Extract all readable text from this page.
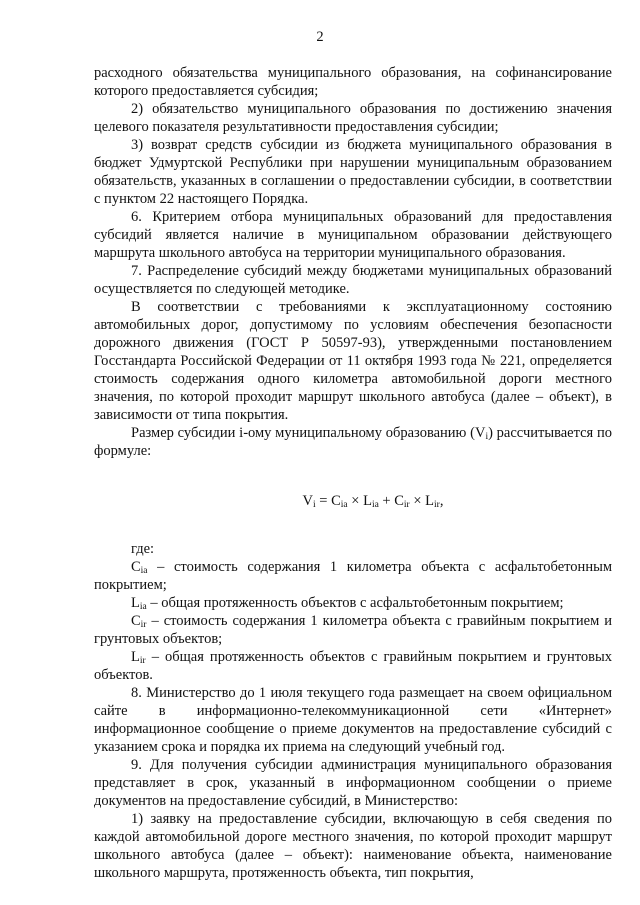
2

расходного обязательства муниципального образования, на софинансирование которого предоставляется субсидия;

2) обязательство муниципального образования по достижению значения целевого показателя результативности предоставления субсидии;

3) возврат средств субсидии из бюджета муниципального образования в бюджет Удмуртской Республики при нарушении муниципальным образованием обязательств, указанных в соглашении о предоставлении субсидии, в соответствии с пунктом 22 настоящего Порядка.

6. Критерием отбора муниципальных образований для предоставления субсидий является наличие в муниципальном образовании действующего маршрута школьного автобуса на территории муниципального образования.

7. Распределение субсидий между бюджетами муниципальных образований осуществляется по следующей методике.

В соответствии с требованиями к эксплуатационному состоянию автомобильных дорог, допустимому по условиям обеспечения безопасности дорожного движения (ГОСТ Р 50597-93), утвержденными постановлением Госстандарта Российской Федерации от 11 октября 1993 года № 221, определяется стоимость содержания одного километра автомобильной дороги местного значения, по которой проходит маршрут школьного автобуса (далее – объект), в зависимости от типа покрытия.

Размер субсидии i-ому муниципальному образованию $(V_i)$ рассчитывается по формуле:

$V_i = C_{ia} \times L_{ia} + C_{ir} \times L_{ir}$,

где:

$C_{ia}$ – стоимость содержания 1 километра объекта с асфальтобетонным покрытием;

$L_{ia}$ – общая протяженность объектов с асфальтобетонным покрытием;

$C_{ir}$ – стоимость содержания 1 километра объекта с гравийным покрытием и грунтовых объектов;

$L_{ir}$ – общая протяженность объектов с гравийным покрытием и грунтовых объектов.

8. Министерство до 1 июля текущего года размещает на своем официальном сайте в информационно-телекоммуникационной сети «Интернет» информационное сообщение о приеме документов на предоставление субсидий с указанием срока и порядка их приема на следующий учебный год.

9. Для получения субсидии администрация муниципального образования представляет в срок, указанный в информационном сообщении о приеме документов на предоставление субсидий, в Министерство:

1) заявку на предоставление субсидии, включающую в себя сведения по каждой автомобильной дороге местного значения, по которой проходит маршрут школьного автобуса (далее – объект): наименование объекта, наименование школьного маршрута, протяженность объекта, тип покрытия,
